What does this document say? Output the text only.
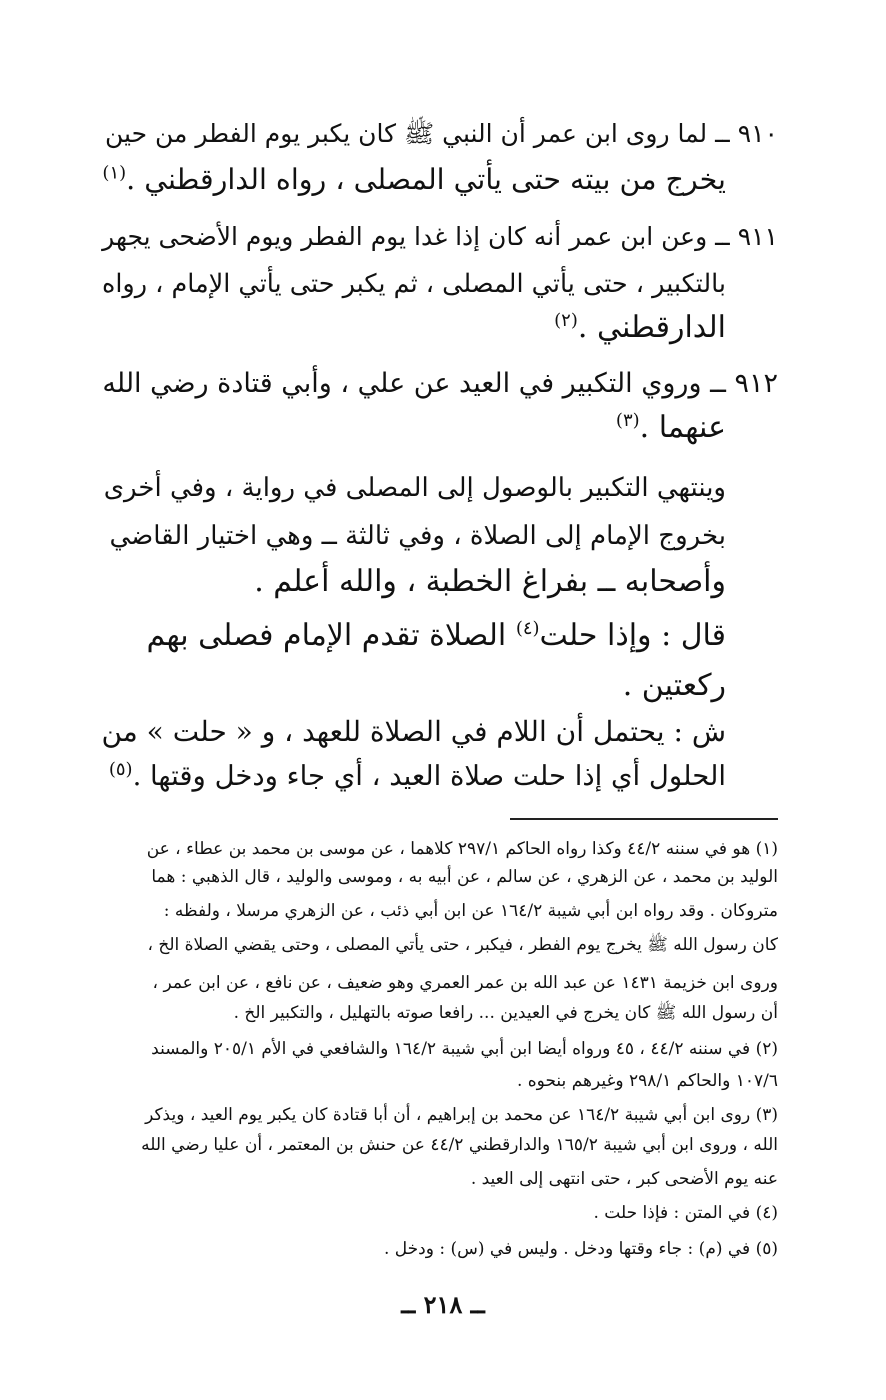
٩١٠ ــ لما روى ابن عمر أن النبي ﷺ كان يكبر يوم الفطر من حين
يخرج من بيته حتى يأتي المصلى ، رواه الدارقطني .$^{(١)}$
٩١١ ــ وعن ابن عمر أنه كان إذا غدا يوم الفطر ويوم الأضحى يجهر
بالتكبير ، حتى يأتي المصلى ، ثم يكبر حتى يأتي الإمام ، رواه
الدارقطني .$^{(٢)}$
٩١٢ ــ وروي التكبير في العيد عن علي ، وأبي قتادة رضي الله
عنهما .$^{(٣)}$
وينتهي التكبير بالوصول إلى المصلى في رواية ، وفي أخرى
بخروج الإمام إلى الصلاة ، وفي ثالثة ــ وهي اختيار القاضي
وأصحابه ــ بفراغ الخطبة ، والله أعلم .
قال : وإذا حلت$^{(٤)}$ الصلاة تقدم الإمام فصلى بهم
ركعتين .
ش : يحتمل أن اللام في الصلاة للعهد ، و « حلت » من
الحلول أي إذا حلت صلاة العيد ، أي جاء ودخل وقتها .$^{(٥)}$
(١) هو في سننه ٤٤/٢ وكذا رواه الحاكم ٢٩٧/١ كلاهما ، عن موسى بن محمد بن عطاء ، عن
الوليد بن محمد ، عن الزهري ، عن سالم ، عن أبيه به ، وموسى والوليد ، قال الذهبي : هما
متروكان . وقد رواه ابن أبي شيبة ١٦٤/٢ عن ابن أبي ذئب ، عن الزهري مرسلا ، ولفظه :
كان رسول الله ﷺ يخرج يوم الفطر ، فيكبر ، حتى يأتي المصلى ، وحتى يقضي الصلاة الخ ،
وروى ابن خزيمة ١٤٣١ عن عبد الله بن عمر العمري وهو ضعيف ، عن نافع ، عن ابن عمر ،
أن رسول الله ﷺ كان يخرج في العيدين ... رافعا صوته بالتهليل ، والتكبير الخ .
(٢) في سننه ٤٤/٢ ، ٤٥ ورواه أيضا ابن أبي شيبة ١٦٤/٢ والشافعي في الأم ٢٠٥/١ والمسند
١٠٧/٦ والحاكم ٢٩٨/١ وغيرهم بنحوه .
(٣) روى ابن أبي شيبة ١٦٤/٢ عن محمد بن إبراهيم ، أن أبا قتادة كان يكبر يوم العيد ، ويذكر
الله ، وروى ابن أبي شيبة ١٦٥/٢ والدارقطني ٤٤/٢ عن حنش بن المعتمر ، أن عليا رضي الله
عنه يوم الأضحى كبر ، حتى انتهى إلى العيد .
(٤) في المتن : فإذا حلت .
(٥) في (م) : جاء وقتها ودخل . وليس في (س) : ودخل .
ــ ٢١٨ ــ
